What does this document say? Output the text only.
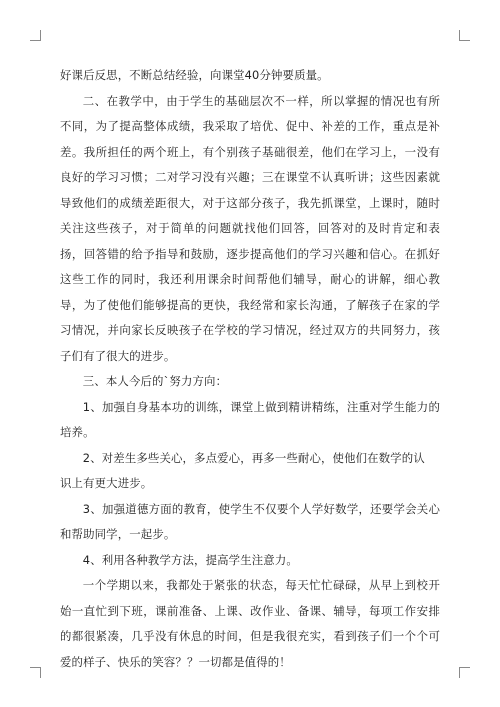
好课后反思，不断总结经验，向课堂40分钟要质量。

二、在教学中，由于学生的基础层次不一样，所以掌握的情况也有所不同，为了提高整体成绩，我采取了培优、促中、补差的工作，重点是补差。我所担任的两个班上，有个别孩子基础很差，他们在学习上，一没有良好的学习习惯；二对学习没有兴趣；三在课堂不认真听讲；这些因素就导致他们的成绩差距很大，对于这部分孩子，我先抓课堂，上课时，随时关注这些孩子，对于简单的问题就找他们回答，回答对的及时肯定和表扬，回答错的给予指导和鼓励，逐步提高他们的学习兴趣和信心。在抓好这些工作的同时，我还利用课余时间帮他们辅导，耐心的讲解，细心教导，为了使他们能够提高的更快，我经常和家长沟通，了解孩子在家的学习情况，并向家长反映孩子在学校的学习情况，经过双方的共同努力，孩子们有了很大的进步。

三、本人今后的`努力方向：

1、加强自身基本功的训练，课堂上做到精讲精练，注重对学生能力的培养。

2、对差生多些关心，多点爱心，再多一些耐心，使他们在数学的认

识上有更大进步。

3、加强道德方面的教育，使学生不仅要个人学好数学，还要学会关心和帮助同学，一起步。

4、利用各种教学方法，提高学生注意力。

一个学期以来，我都处于紧张的状态，每天忙忙碌碌，从早上到校开始一直忙到下班，课前准备、上课、改作业、备课、辅导，每项工作安排的都很紧凑，几乎没有休息的时间，但是我很充实，看到孩子们一个个可爱的样子、快乐的笑容？？一切都是值得的！
